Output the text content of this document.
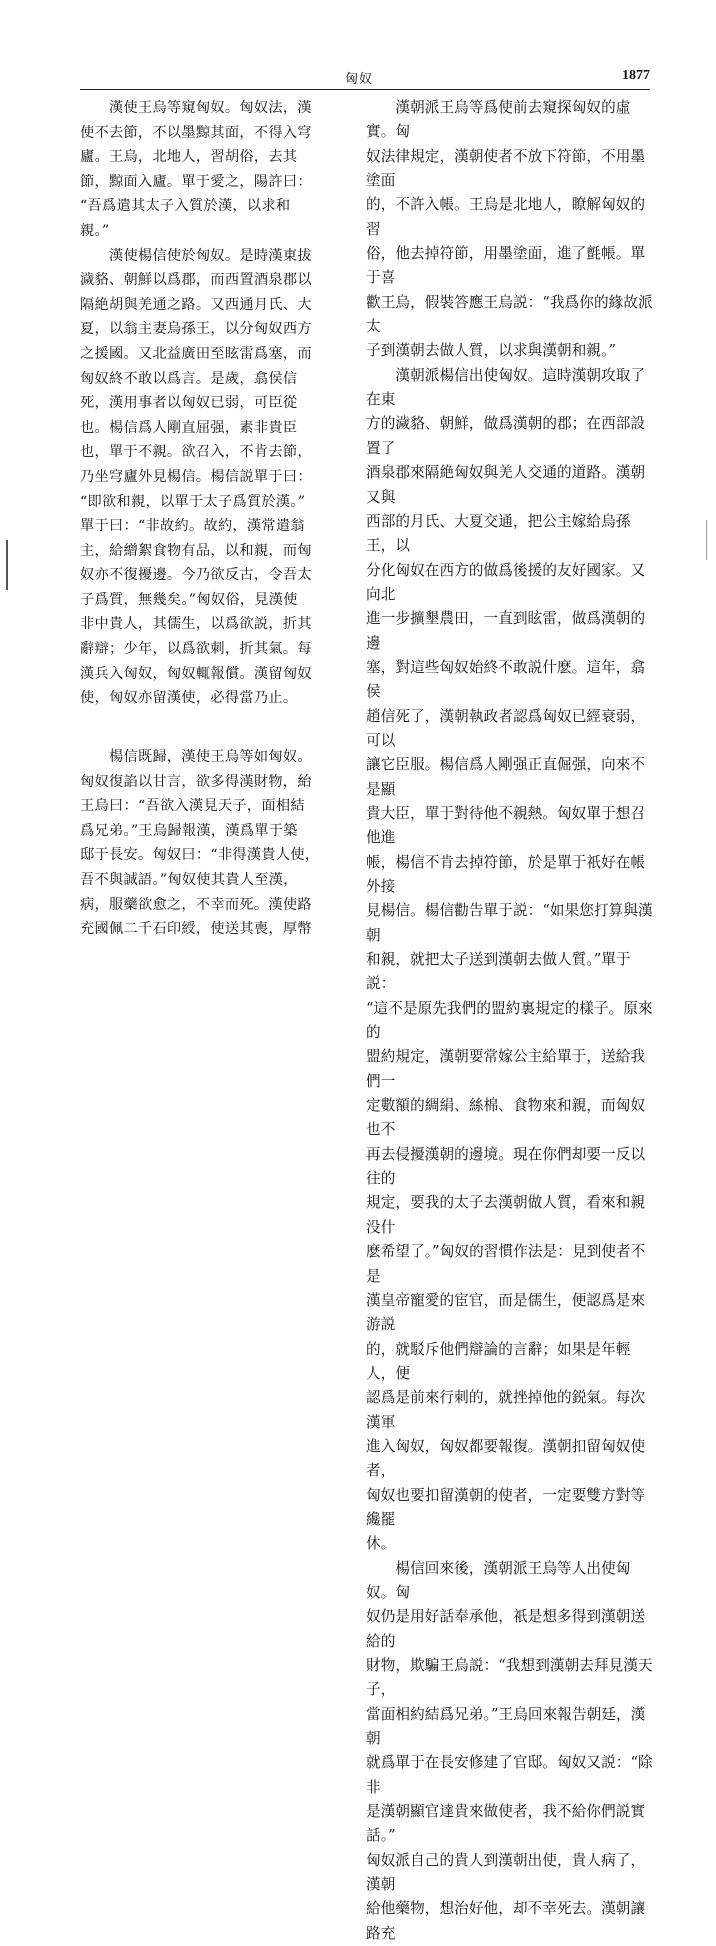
匈奴	1877
　　漢使王烏等窺匈奴。匈奴法，漢
使不去節，不以墨黥其面，不得入穹
廬。王烏，北地人，習胡俗，去其
節，黥面入廬。單于愛之，陽許曰：
“吾爲遣其太子入質於漢，以求和
親。”
　　漢使楊信使於匈奴。是時漢東拔
濊貉、朝鮮以爲郡，而西置酒泉郡以
隔絶胡與羌通之路。又西通月氏、大
夏，以翁主妻烏孫王，以分匈奴西方
之援國。又北益廣田至眩雷爲塞，而
匈奴終不敢以爲言。是歲，翕侯信
死，漢用事者以匈奴已弱，可臣從
也。楊信爲人剛直屈强，素非貴臣
也，單于不親。欲召入，不肯去節，
乃坐穹廬外見楊信。楊信説單于曰：
“即欲和親，以單于太子爲質於漢。”
單于曰：“非故約。故約，漢常遣翁
主，給繒絮食物有品，以和親，而匈
奴亦不復擾邊。今乃欲反古，令吾太
子爲質，無幾矣。”匈奴俗，見漢使
非中貴人，其儒生，以爲欲説，折其
辭辯；少年，以爲欲刺，折其氣。每
漢兵入匈奴，匈奴輒報償。漢留匈奴
使，匈奴亦留漢使，必得當乃止。
　　楊信既歸，漢使王烏等如匈奴。
匈奴復諂以甘言，欲多得漢財物，紿
王烏曰：“吾欲入漢見天子，面相結
爲兄弟。”王烏歸報漢，漢爲單于築
邸于長安。匈奴曰：“非得漢貴人使，
吾不與誠語。”匈奴使其貴人至漢，
病，服藥欲愈之，不幸而死。漢使路
充國佩二千石印綬，使送其喪，厚幣
　　漢朝派王烏等爲使前去窺探匈奴的虛實。匈
奴法律規定，漢朝使者不放下符節，不用墨塗面
的，不許入帳。王烏是北地人，瞭解匈奴的習
俗，他去掉符節，用墨塗面，進了氈帳。單于喜
歡王烏，假裝答應王烏説：“我爲你的緣故派太
子到漢朝去做人質，以求與漢朝和親。”
　　漢朝派楊信出使匈奴。這時漢朝攻取了在東
方的濊貉、朝鮮，做爲漢朝的郡；在西部設置了
酒泉郡來隔絶匈奴與羌人交通的道路。漢朝又與
西部的月氏、大夏交通，把公主嫁給烏孫王，以
分化匈奴在西方的做爲後援的友好國家。又向北
進一步擴墾農田，一直到眩雷，做爲漢朝的邊
塞，對這些匈奴始終不敢説什麽。這年，翕侯
趙信死了，漢朝執政者認爲匈奴已經衰弱，可以
讓它臣服。楊信爲人剛强正直倔强，向來不是顯
貴大臣，單于對待他不親熱。匈奴單于想召他進
帳，楊信不肯去掉符節，於是單于祇好在帳外接
見楊信。楊信勸告單于説：“如果您打算與漢朝
和親，就把太子送到漢朝去做人質。”單于説：
“這不是原先我們的盟約裏規定的樣子。原來的
盟約規定，漢朝要常嫁公主給單于，送給我們一
定數額的綢絹、絲棉、食物來和親，而匈奴也不
再去侵擾漢朝的邊境。現在你們却要一反以往的
規定，要我的太子去漢朝做人質，看來和親没什
麽希望了。”匈奴的習慣作法是：見到使者不是
漢皇帝寵愛的宦官，而是儒生，便認爲是來游説
的，就駁斥他們辯論的言辭；如果是年輕人，便
認爲是前來行刺的，就挫掉他的鋭氣。每次漢軍
進入匈奴，匈奴都要報復。漢朝扣留匈奴使者，
匈奴也要扣留漢朝的使者，一定要雙方對等纔罷
休。
　　楊信回來後，漢朝派王烏等人出使匈奴。匈
奴仍是用好話奉承他，祇是想多得到漢朝送給的
財物，欺騙王烏説：“我想到漢朝去拜見漢天子，
當面相約結爲兄弟。”王烏回來報告朝廷，漢朝
就爲單于在長安修建了官邸。匈奴又説：“除非
是漢朝顯官達貴來做使者，我不給你們説實話。”
匈奴派自己的貴人到漢朝出使，貴人病了，漢朝
給他藥物，想治好他，却不幸死去。漢朝讓路充
